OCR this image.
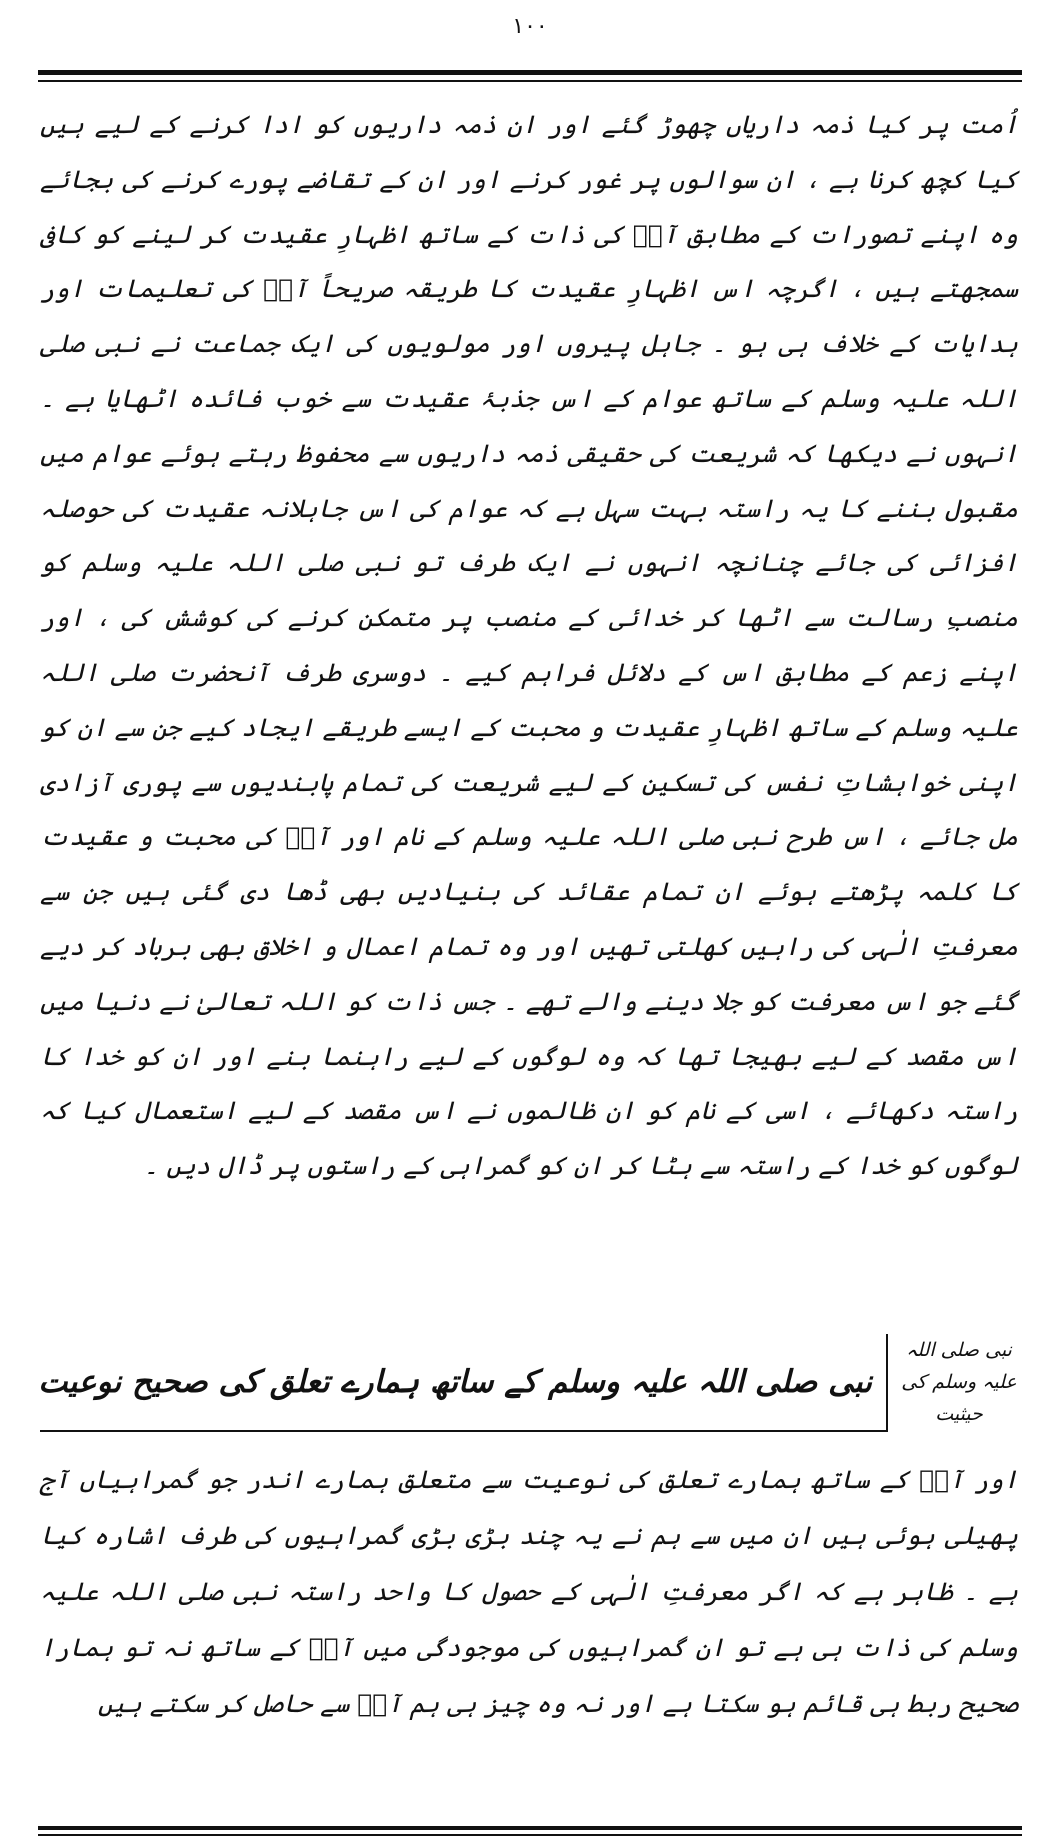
۱۰۰

اُمت پر کیا ذمہ داریاں چھوڑ گئے اور ان ذمہ داریوں کو ادا کرنے کے لیے ہیں کیا کچھ کرنا ہے ، ان سوالوں پر غور کرنے اور ان کے تقاضے پورے کرنے کی بجائے وہ اپنے تصورات کے مطابق آپؐ کی ذات کے ساتھ اظہارِ عقیدت کر لینے کو کافی سمجھتے ہیں ، اگرچہ اس اظہارِ عقیدت کا طریقہ صریحاً آپؐ کی تعلیمات اور ہدایات کے خلاف ہی ہو ۔ جاہل پیروں اور مولویوں کی ایک جماعت نے نبی صلی اللہ علیہ وسلم کے ساتھ عوام کے اس جذبۂ عقیدت سے خوب فائدہ اٹھایا ہے ۔ انہوں نے دیکھا کہ شریعت کی حقیقی ذمہ داریوں سے محفوظ رہتے ہوئے عوام میں مقبول بننے کا یہ راستہ بہت سہل ہے کہ عوام کی اس جاہلانہ عقیدت کی حوصلہ افزائی کی جائے چنانچہ انہوں نے ایک طرف تو نبی صلی اللہ علیہ وسلم کو منصبِ رسالت سے اٹھا کر خدائی کے منصب پر متمکن کرنے کی کوشش کی ، اور اپنے زعم کے مطابق اس کے دلائل فراہم کیے ۔ دوسری طرف آنحضرت صلی اللہ علیہ وسلم کے ساتھ اظہارِ عقیدت و محبت کے ایسے طریقے ایجاد کیے جن سے ان کو اپنی خواہشاتِ نفس کی تسکین کے لیے شریعت کی تمام پابندیوں سے پوری آزادی مل جائے ، اس طرح نبی صلی اللہ علیہ وسلم کے نام اور آپؐ کی محبت و عقیدت کا کلمہ پڑھتے ہوئے ان تمام عقائد کی بنیادیں بھی ڈھا دی گئی ہیں جن سے معرفتِ الٰہی کی راہیں کھلتی تھیں اور وہ تمام اعمال و اخلاق بھی برباد کر دیے گئے جو اس معرفت کو جلا دینے والے تھے ۔ جس ذات کو اللہ تعالیٰ نے دنیا میں اس مقصد کے لیے بھیجا تھا کہ وہ لوگوں کے لیے راہنما بنے اور ان کو خدا کا راستہ دکھائے ، اسی کے نام کو ان ظالموں نے اس مقصد کے لیے استعمال کیا کہ لوگوں کو خدا کے راستہ سے ہٹا کر ان کو گمراہی کے راستوں پر ڈال دیں ۔

نبی صلی اللہ علیہ وسلم کی حیثیت
نبی صلی اللہ علیہ وسلم کے ساتھ ہمارے تعلق کی صحیح نوعیت

اور آپؐ کے ساتھ ہمارے تعلق کی نوعیت سے متعلق ہمارے اندر جو گمراہیاں آج پھیلی ہوئی ہیں ان میں سے ہم نے یہ چند بڑی بڑی گمراہیوں کی طرف اشارہ کیا ہے ۔ ظاہر ہے کہ اگر معرفتِ الٰہی کے حصول کا واحد راستہ نبی صلی اللہ علیہ وسلم کی ذات ہی ہے تو ان گمراہیوں کی موجودگی میں آپؐ کے ساتھ نہ تو ہمارا صحیح ربط ہی قائم ہو سکتا ہے اور نہ وہ چیز ہی ہم آپؐ سے حاصل کر سکتے ہیں
